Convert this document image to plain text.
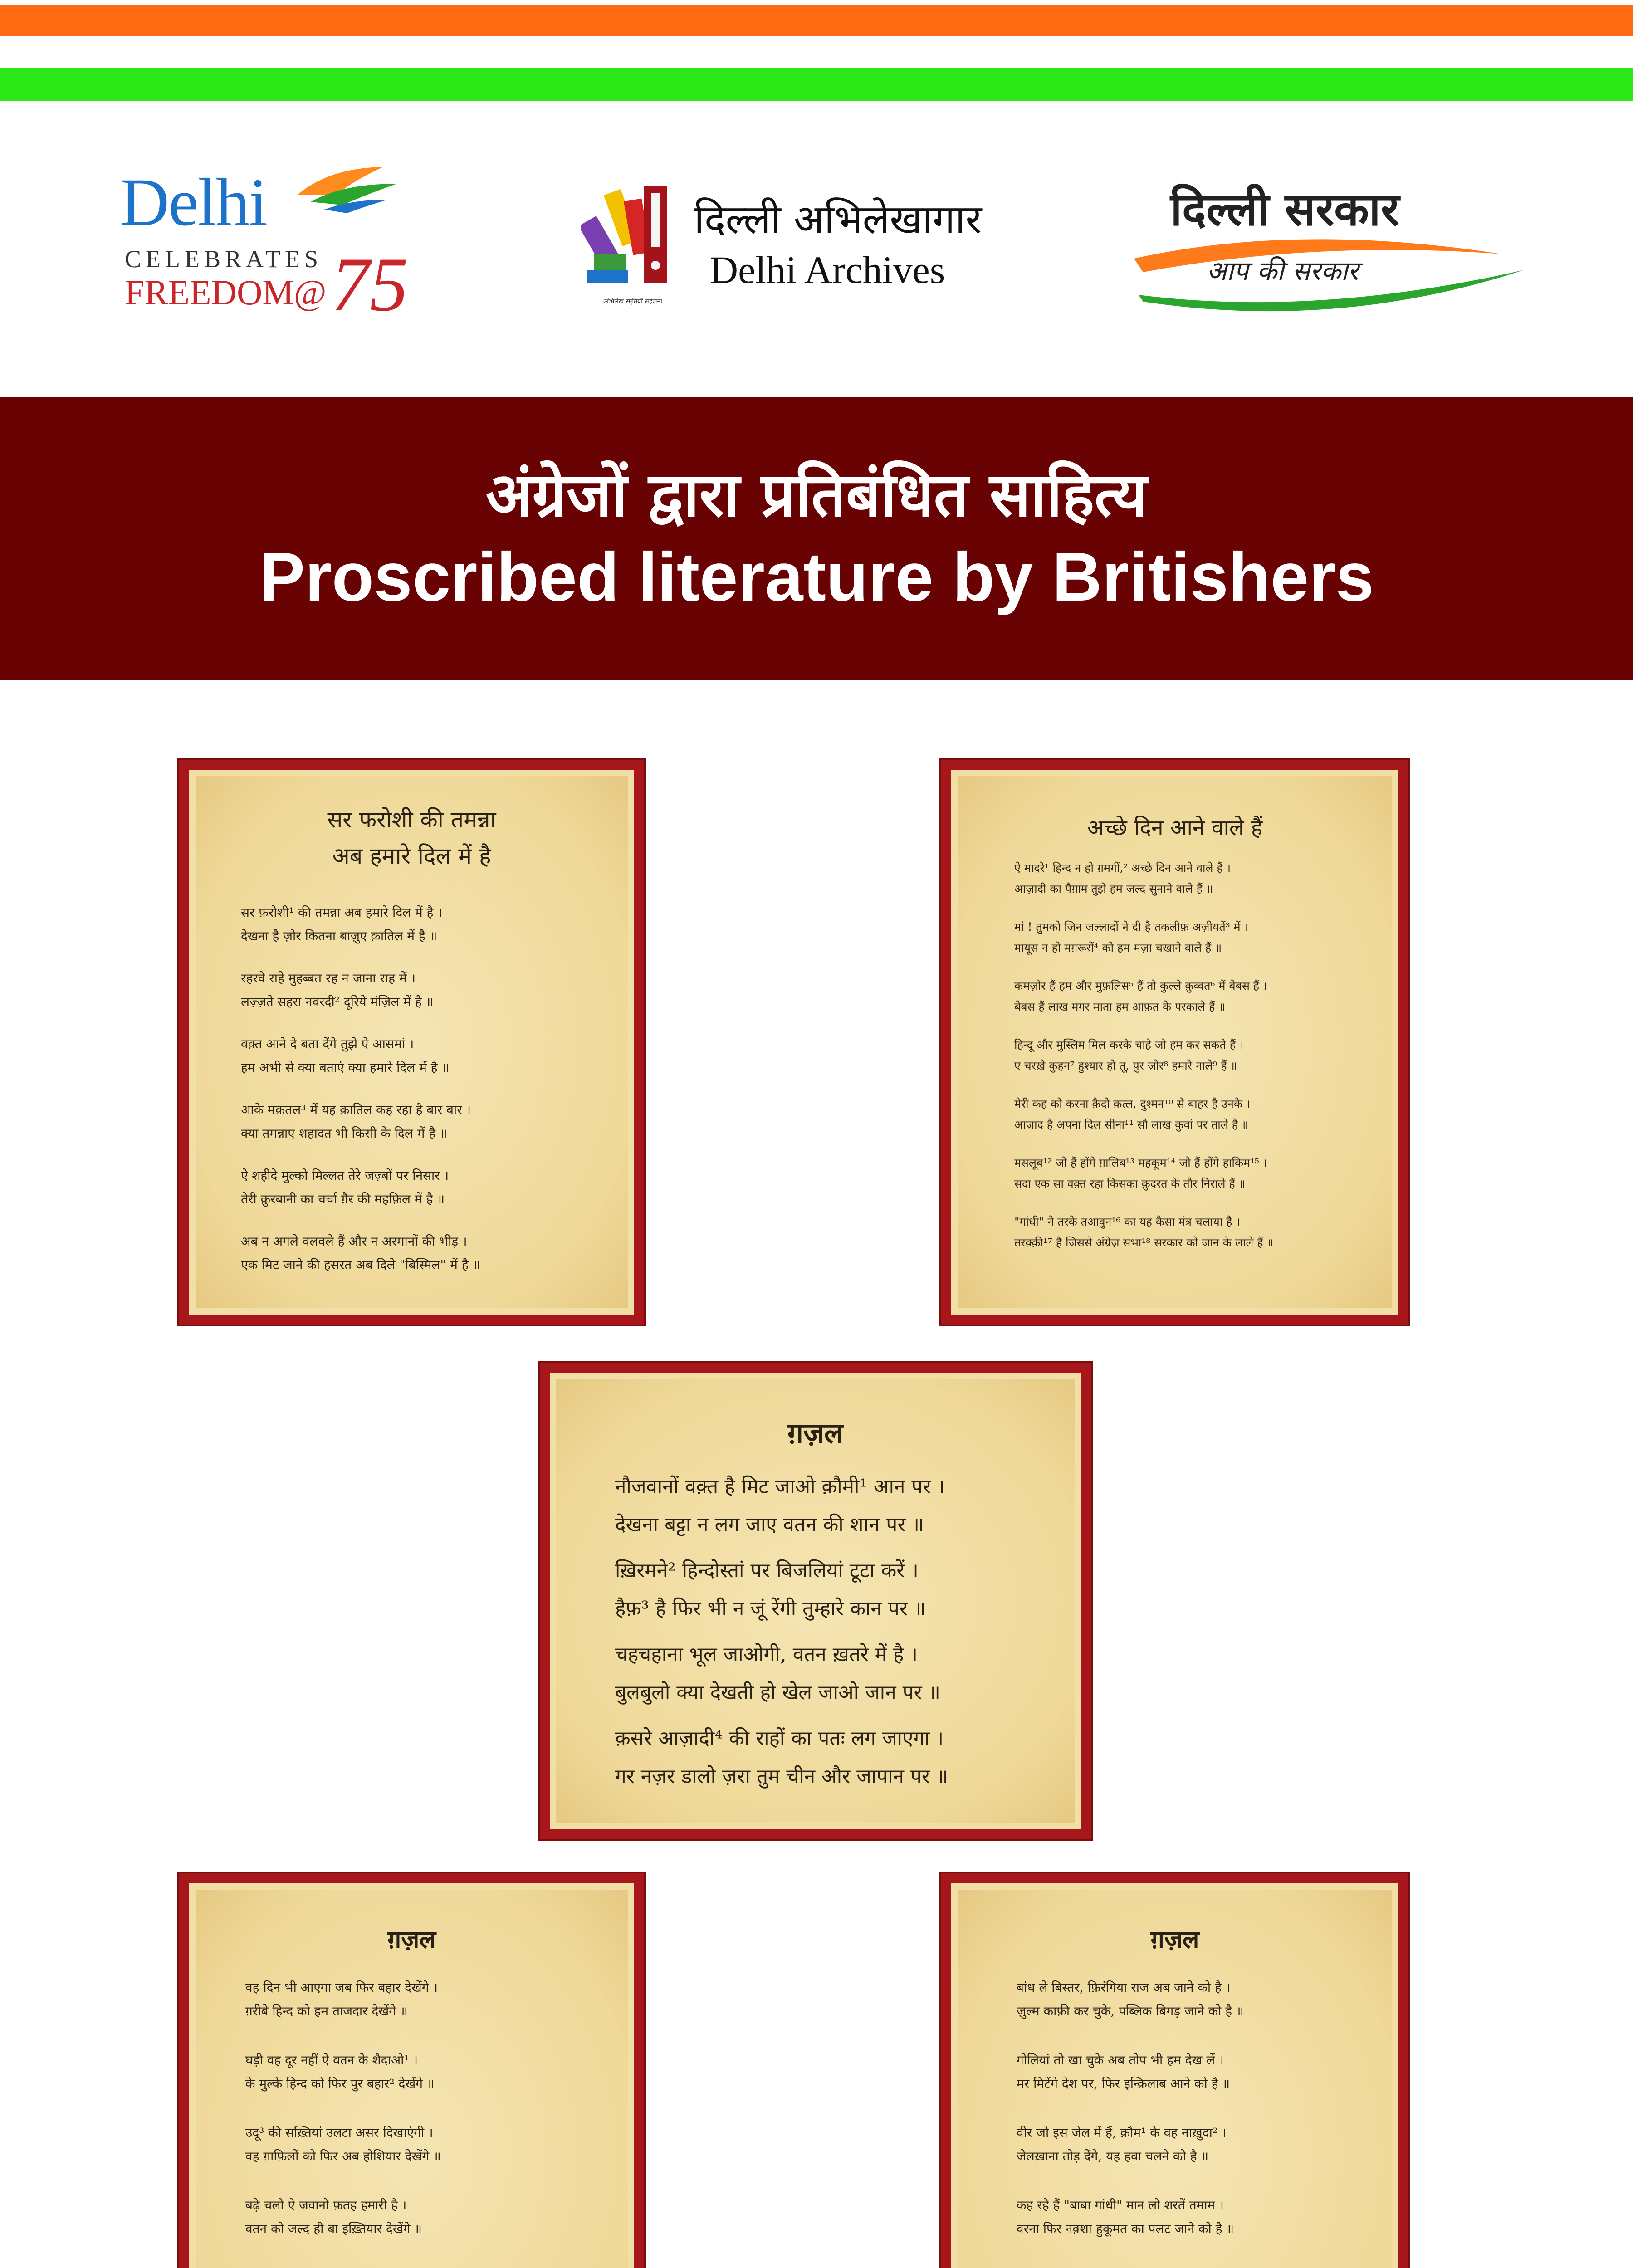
Delhi
CELEBRATES
FREEDOM@ 75
दिल्ली अभिलेखागार
Delhi Archives
अभिलेख स्मृतियाँ सहेजना
दिल्ली सरकार
आप की सरकार
अंग्रेजों द्वारा प्रतिबंधित साहित्य
Proscribed literature by Britishers
सर फरोशी की तमन्ना
अब हमारे दिल में है
सर फ़रोशी¹ की तमन्ना अब हमारे दिल में है ।
देखना है ज़ोर कितना बाज़ुए क़ातिल में है ॥
रहरवे राहे मुहब्बत रह न जाना राह में ।
लज़्ज़ते सहरा नवरदी² दूरिये मंज़िल में है ॥
वक़्त आने दे बता देंगे तुझे ऐ आसमां ।
हम अभी से क्या बताएं क्या हमारे दिल में है ॥
आके मक़तल³ में यह क़ातिल कह रहा है बार बार ।
क्या तमन्नाए शहादत भी किसी के दिल में है ॥
ऐ शहीदे मुल्को मिल्लत तेरे जज़्बों पर निसार ।
तेरी क़ुरबानी का चर्चा ग़ैर की महफ़िल में है ॥
अब न अगले वलवले हैं और न अरमानों की भीड़ ।
एक मिट जाने की हसरत अब दिले "बिस्मिल" में है ॥
अच्छे दिन आने वाले हैं
ऐ मादरे¹ हिन्द न हो ग़मगीं,² अच्छे दिन आने वाले हैं ।
आज़ादी का पैग़ाम तुझे हम जल्द सुनाने वाले हैं ॥
मां ! तुमको जिन जल्लादों ने दी है तकलीफ़ अज़ीयतें³ में ।
मायूस न हो मग़रूरों⁴ को हम मज़ा चखाने वाले हैं ॥
कमज़ोर हैं हम और मुफ़लिस⁵ हैं तो कुल्ले क़ुव्वत⁶ में बेबस हैं ।
बेबस हैं लाख मगर माता हम आफ़त के परकाले हैं ॥
हिन्दू और मुस्लिम मिल करके चाहे जो हम कर सकते हैं ।
ए चरख़े कुहन⁷ हुश्यार हो तू, पुर ज़ोर⁸ हमारे नाले⁹ हैं ॥
मेरी कह को करना क़ैदो क़त्ल, दुश्मन¹⁰ से बाहर है उनके ।
आज़ाद है अपना दिल सीना¹¹ सौ लाख कुवां पर ताले हैं ॥
मसलूब¹² जो हैं होंगे ग़ालिब¹³ महकूम¹⁴ जो हैं होंगे हाकिम¹⁵ ।
सदा एक सा वक़्त रहा किसका क़ुदरत के तौर निराले हैं ॥
"गांधी" ने तरके तआवुन¹⁶ का यह कैसा मंत्र चलाया है ।
तरक़्क़ी¹⁷ है जिससे अंग्रेज़ सभा¹⁸ सरकार को जान के लाले हैं ॥
ग़ज़ल
नौजवानों वक़्त है मिट जाओ क़ौमी¹ आन पर ।
देखना बट्टा न लग जाए वतन की शान पर ॥
ख़िरमने² हिन्दोस्तां पर बिजलियां टूटा करें ।
हैफ़³ है फिर भी न जूं रेंगी तुम्हारे कान पर ॥
चहचहाना भूल जाओगी, वतन ख़तरे में है ।
बुलबुलो क्या देखती हो खेल जाओ जान पर ॥
क़सरे आज़ादी⁴ की राहों का पतः लग जाएगा ।
गर नज़र डालो ज़रा तुम चीन और जापान पर ॥
ग़ज़ल
वह दिन भी आएगा जब फिर बहार देखेंगे ।
ग़रीबे हिन्द को हम ताजदार देखेंगे ॥
घड़ी वह दूर नहीं ऐ वतन के शैदाओ¹ ।
के मुल्के हिन्द को फिर पुर बहार² देखेंगे ॥
उदू³ की सख़्तियां उलटा असर दिखाएंगी ।
वह ग़ाफ़िलों को फिर अब होशियार देखेंगे ॥
बढ़े चलो ऐ जवानो फ़तह हमारी है ।
वतन को जल्द ही बा इख़्तियार देखेंगे ॥
ग़ज़ल
बांध ले बिस्तर, फ़िरंगिया राज अब जाने को है ।
ज़ुल्म काफ़ी कर चुके, पब्लिक बिगड़ जाने को है ॥
गोलियां तो खा चुके अब तोप भी हम देख लें ।
मर मिटेंगे देश पर, फिर इन्क़िलाब आने को है ॥
वीर जो इस जेल में हैं, क़ौम¹ के वह नाख़ुदा² ।
जेलख़ाना तोड़ देंगे, यह हवा चलने को है ॥
कह रहे हैं "बाबा गांधी" मान लो शरतें तमाम ।
वरना फिर नक़्शा हुकूमत का पलट जाने को है ॥
